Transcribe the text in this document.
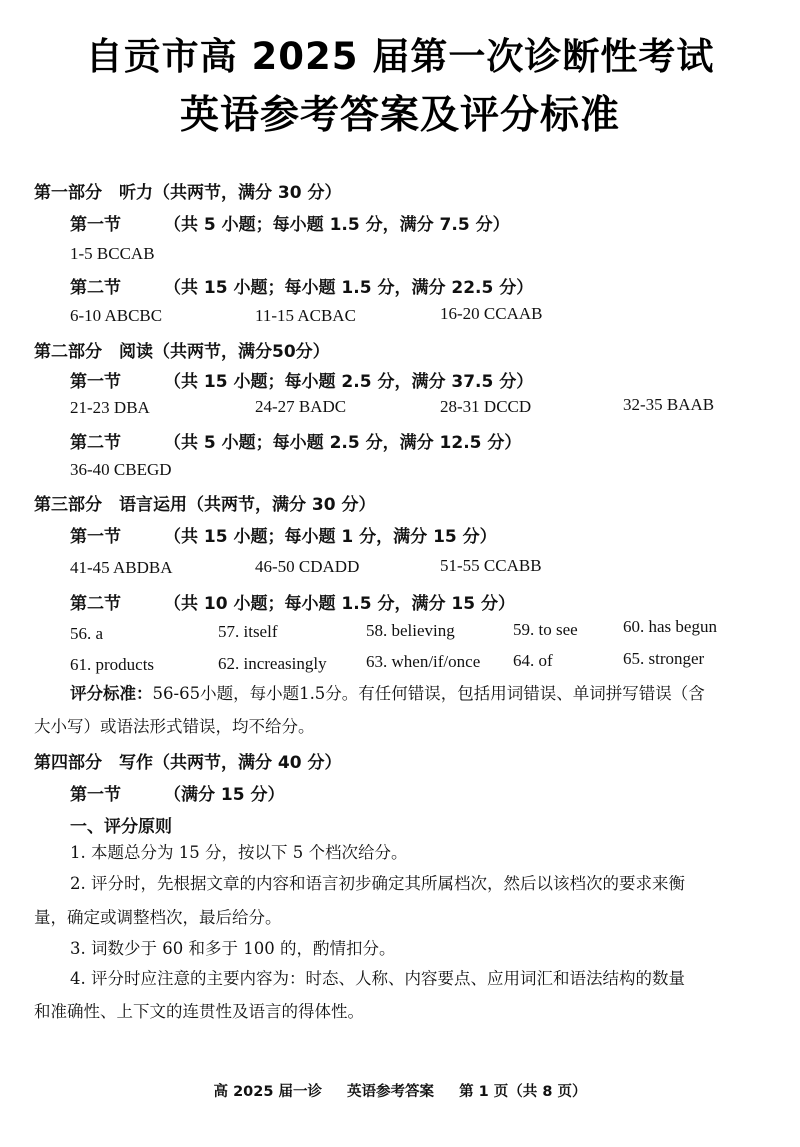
自贡市高 2025 届第一次诊断性考试
英语参考答案及评分标准
第一部分　听力（共两节，满分 30 分）
第一节	（共 5 小题；每小题 1.5 分，满分 7.5 分）
1-5 BCCAB
第二节	（共 15 小题；每小题 1.5 分，满分 22.5 分）
6-10 ABCBC	11-15 ACBAC	16-20 CCAAB
第二部分　阅读（共两节，满分50分）
第一节	（共 15 小题；每小题 2.5 分，满分 37.5 分）
21-23 DBA	24-27 BADC	28-31 DCCD	32-35 BAAB
第二节	（共 5 小题；每小题 2.5 分，满分 12.5 分）
36-40 CBEGD
第三部分　语言运用（共两节，满分 30 分）
第一节	（共 15 小题；每小题 1 分，满分 15 分）
41-45 ABDBA	46-50 CDADD	51-55 CCABB
第二节	（共 10 小题；每小题 1.5 分，满分 15 分）
56. a	57. itself	58. believing	59. to see	60. has begun
61. products	62. increasingly 63. when/if/once 64. of	65. stronger
评分标准：56-65小题，每小题1.5分。有任何错误，包括用词错误、单词拼写错误（含
大小写）或语法形式错误，均不给分。
第四部分　写作（共两节，满分 40 分）
第一节	（满分 15 分）
一、评分原则
1. 本题总分为 15 分，按以下 5 个档次给分。
2. 评分时，先根据文章的内容和语言初步确定其所属档次，然后以该档次的要求来衡
量，确定或调整档次，最后给分。
3. 词数少于 60 和多于 100 的，酌情扣分。
4. 评分时应注意的主要内容为：时态、人称、内容要点、应用词汇和语法结构的数量
和准确性、上下文的连贯性及语言的得体性。
高 2025 届一诊 英语参考答案 第 1 页（共 8 页）
